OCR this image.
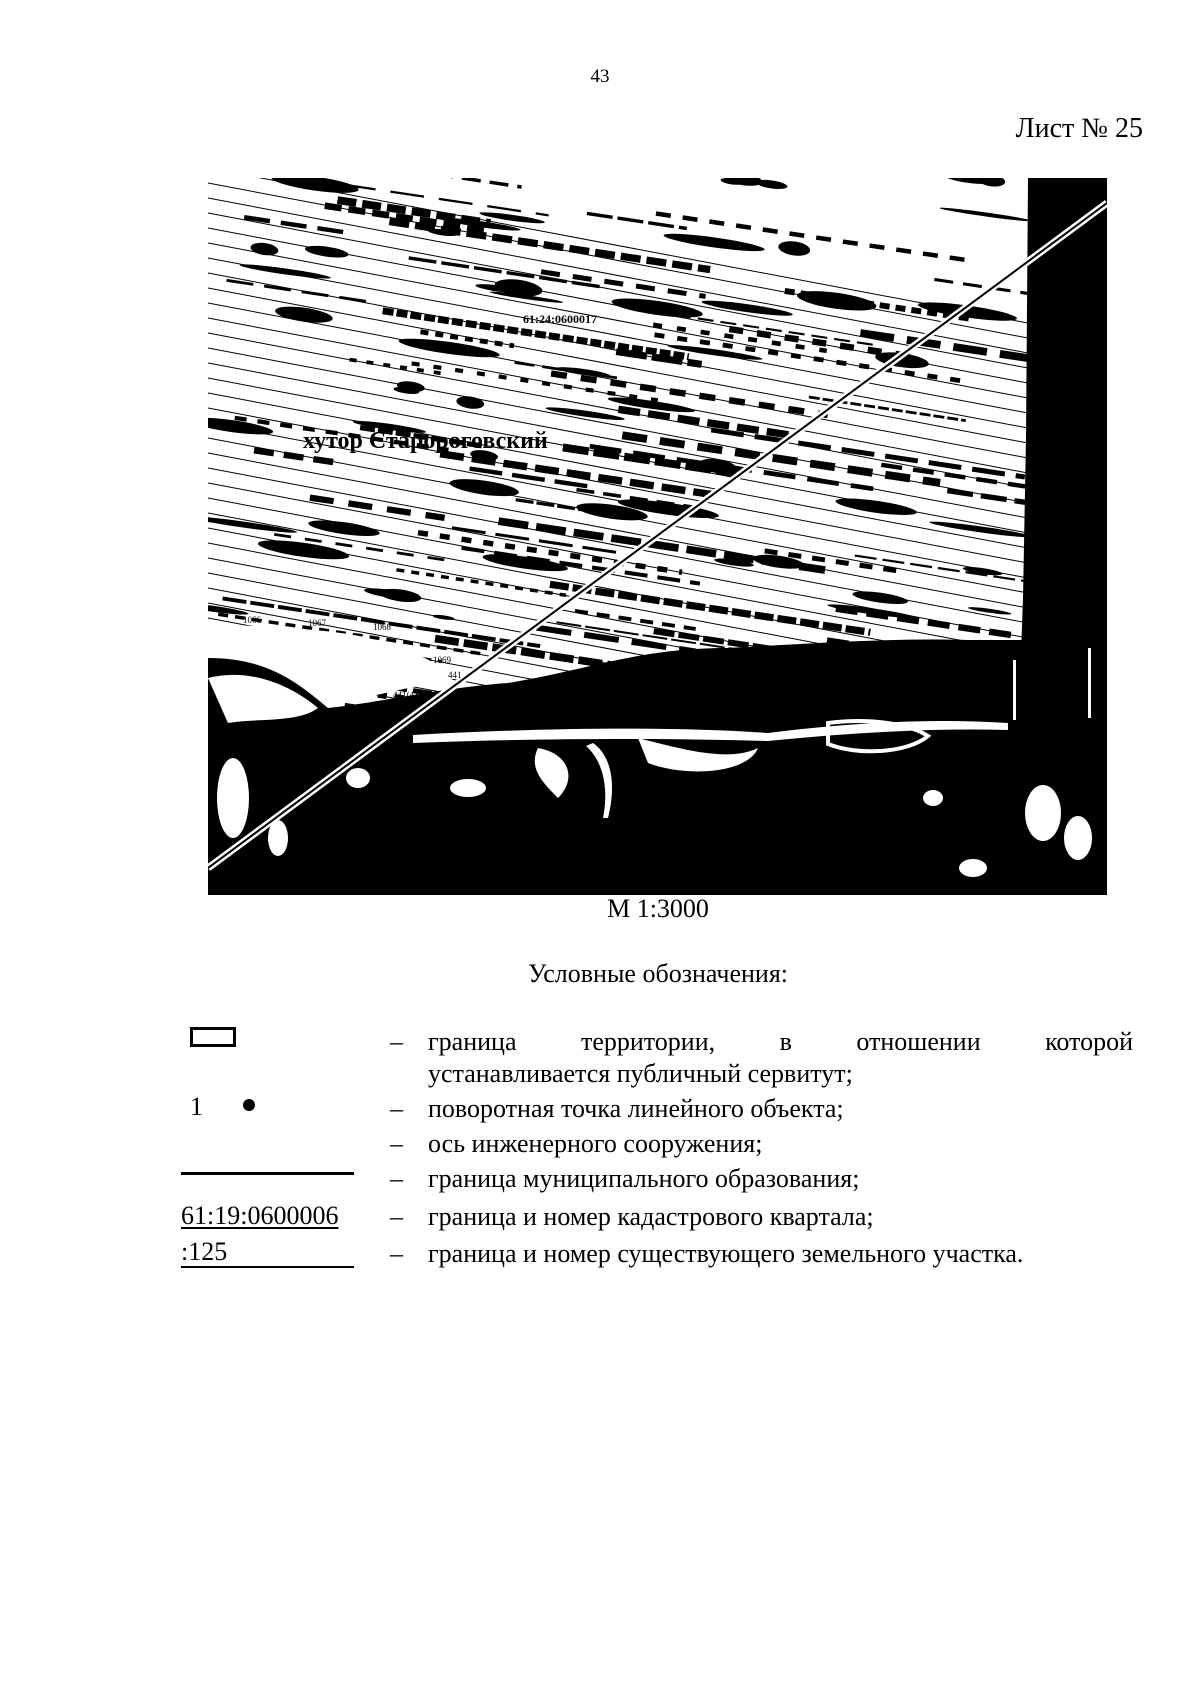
43
Лист № 25
хутор Старороговский
61:24:0600017
1066	1067	1068
1069
441
441(41)
М 1:3000
Условные обозначения:
1
61:19:0600006
:125
– граница территории, в отношении которой
устанавливается публичный сервитут;
– поворотная точка линейного объекта;
– ось инженерного сооружения;
– граница муниципального образования;
– граница и номер кадастрового квартала;
– граница и номер существующего земельного участка.
